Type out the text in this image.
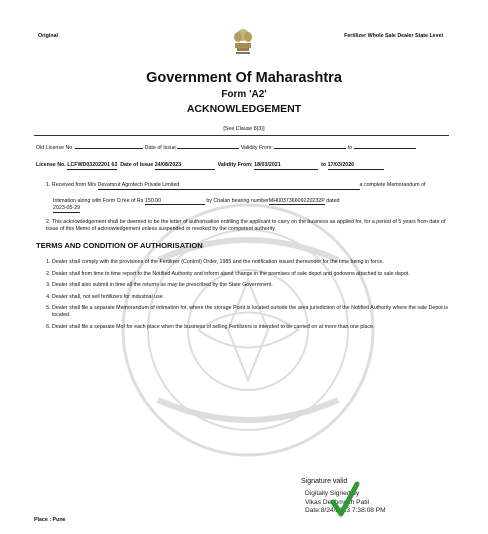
Original	Fertilizer Whole Sale Dealer State Level
Government Of Maharashtra
Form 'A2'
ACKNOWLEDGEMENT
[See Clause 8(3)]
Old License No.	Date of Issue	Validity From:	to
License No. LCFWD03202201 63 Date of Issue 24/08/2023	Validity From: 18/03/2021	to 17/03/2026
1. Received from M/s Devamrut Agrotech Private Limited	a complete Memorandum of
Intimation along with Form O,fee of Rs 150.00	by Chalan bearing numberMH003736609220232P dated
2023-05-29
2. This acknowledgement shall be deemed to be the letter of authorisation entitling the applicant to carry on the business as applied for, for a period of 5 years from date of issue of this Memo of acknowledgement unless suspended or revoked by the competent authority.
TERMS AND CONDITION OF AUTHORISATION
1. Dealer shall comply with the provisions of the Fertilizer (Control) Order, 1985 and the notification issued thereunder for the time being in force.
2. Dealer shall from time to time report to the Notified Authority and inform about change in the premises of sale depot and godowns attached to sale depot.
3. Dealer shall also submit in time all the returns as may be prescribed by the State Government.
4. Dealer shall, not sell fertilizers for industrial use.
5. Dealer shall file a separate Memorandum of intimation for, where the storage Point is located outside the area jurisdiction of the Notified Authority where the sale Depot is located.
6. Dealer shall file a separate MoI for each place when the business of selling Fertilizers is intended to be carried on at more than one place.
Signature valid
Digitally Signed by
Vikas Deshmukh Patil
Date:8/24/2023 7:38:08 PM
Place : Pune
